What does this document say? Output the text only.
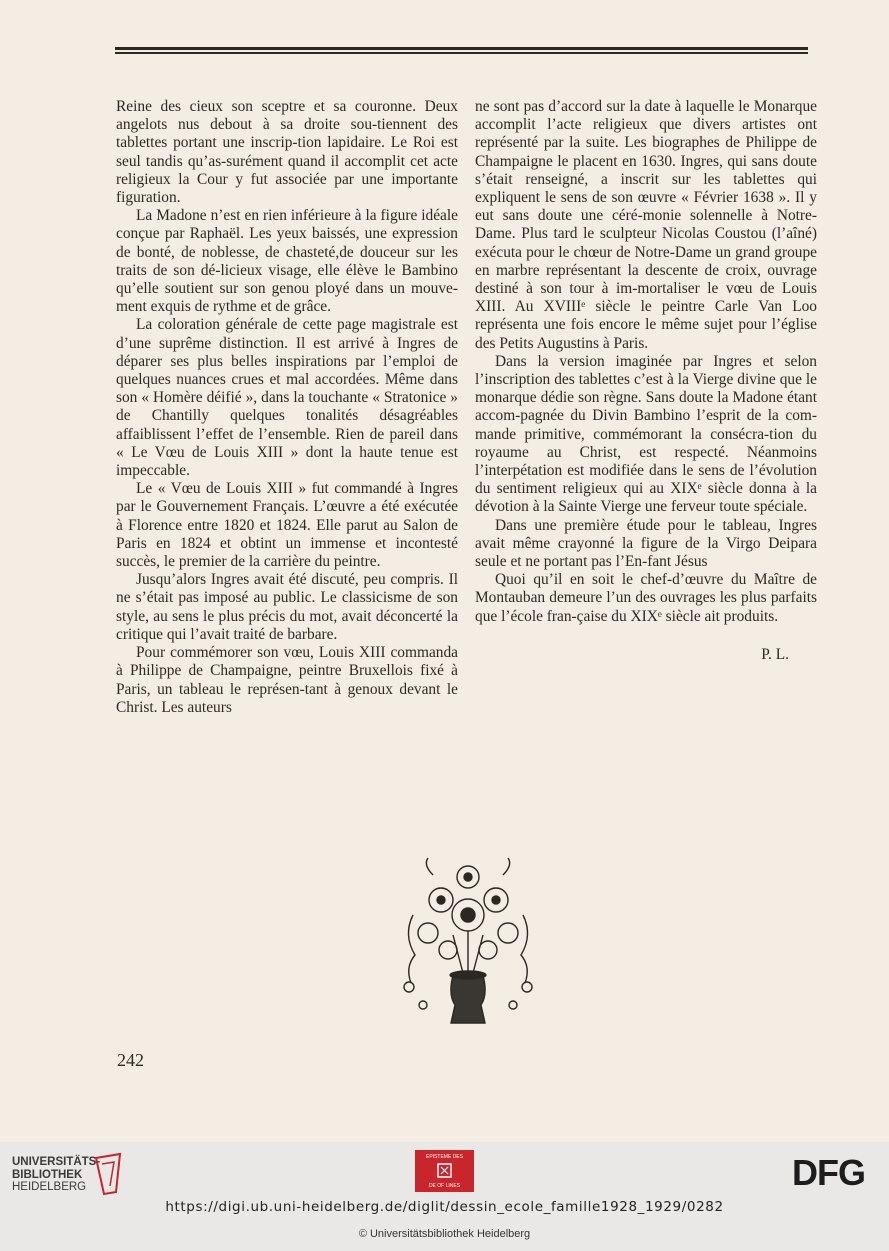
Reine des cieux son sceptre et sa couronne. Deux angelots nus debout à sa droite sou-tiennent des tablettes portant une inscrip-tion lapidaire. Le Roi est seul tandis qu’as-surément quand il accomplit cet acte religieux la Cour y fut associée par une importante figuration.

La Madone n’est en rien inférieure à la figure idéale conçue par Raphaël. Les yeux baissés, une expression de bonté, de noblesse, de chasteté,de douceur sur les traits de son dé-licieux visage, elle élève le Bambino qu’elle soutient sur son genou ployé dans un mouve-ment exquis de rythme et de grâce.

La coloration générale de cette page magistrale est d’une suprême distinction. Il est arrivé à Ingres de déparer ses plus belles inspirations par l’emploi de quelques nuances crues et mal accordées. Même dans son « Homère déifié », dans la touchante « Stratonice » de Chantilly quelques tonalités désagréables affaiblissent l’effet de l’ensemble. Rien de pareil dans « Le Vœu de Louis XIII » dont la haute tenue est impeccable.

Le « Vœu de Louis XIII » fut commandé à Ingres par le Gouvernement Français. L’œuvre a été exécutée à Florence entre 1820 et 1824. Elle parut au Salon de Paris en 1824 et obtint un immense et incontesté succès, le premier de la carrière du peintre.

Jusqu’alors Ingres avait été discuté, peu compris. Il ne s’était pas imposé au public. Le classicisme de son style, au sens le plus précis du mot, avait déconcerté la critique qui l’avait traité de barbare.

Pour commémorer son vœu, Louis XIII commanda à Philippe de Champaigne, peintre Bruxellois fixé à Paris, un tableau le représen-tant à genoux devant le Christ. Les auteurs

ne sont pas d’accord sur la date à laquelle le Monarque accomplit l’acte religieux que divers artistes ont représenté par la suite. Les biographes de Philippe de Champaigne le placent en 1630. Ingres, qui sans doute s’était renseigné, a inscrit sur les tablettes qui expliquent le sens de son œuvre « Février 1638 ». Il y eut sans doute une céré-monie solennelle à Notre-Dame. Plus tard le sculpteur Nicolas Coustou (l’aîné) exécuta pour le chœur de Notre-Dame un grand groupe en marbre représentant la descente de croix, ouvrage destiné à son tour à im-mortaliser le vœu de Louis XIII. Au XVIIIᵉ siècle le peintre Carle Van Loo représenta une fois encore le même sujet pour l’église des Petits Augustins à Paris.

Dans la version imaginée par Ingres et selon l’inscription des tablettes c’est à la Vierge divine que le monarque dédie son règne. Sans doute la Madone étant accom-pagnée du Divin Bambino l’esprit de la com-mande primitive, commémorant la consécra-tion du royaume au Christ, est respecté. Néanmoins l’interpétation est modifiée dans le sens de l’évolution du sentiment religieux qui au XIXᵉ siècle donna à la dévotion à la Sainte Vierge une ferveur toute spéciale.

Dans une première étude pour le tableau, Ingres avait même crayonné la figure de la Virgo Deipara seule et ne portant pas l’En-fant Jésus

Quoi qu’il en soit le chef-d’œuvre du Maître de Montauban demeure l’un des ouvrages les plus parfaits que l’école fran-çaise du XIXᵉ siècle ait produits.

P. L.

242
UNIVERSITÄTS-
BIBLIOTHEK
HEIDELBERG
EPISTEME DES
DE OF LINES	DFG
https://digi.ub.uni-heidelberg.de/diglit/dessin_ecole_famille1928_1929/0282
© Universitätsbibliothek Heidelberg
